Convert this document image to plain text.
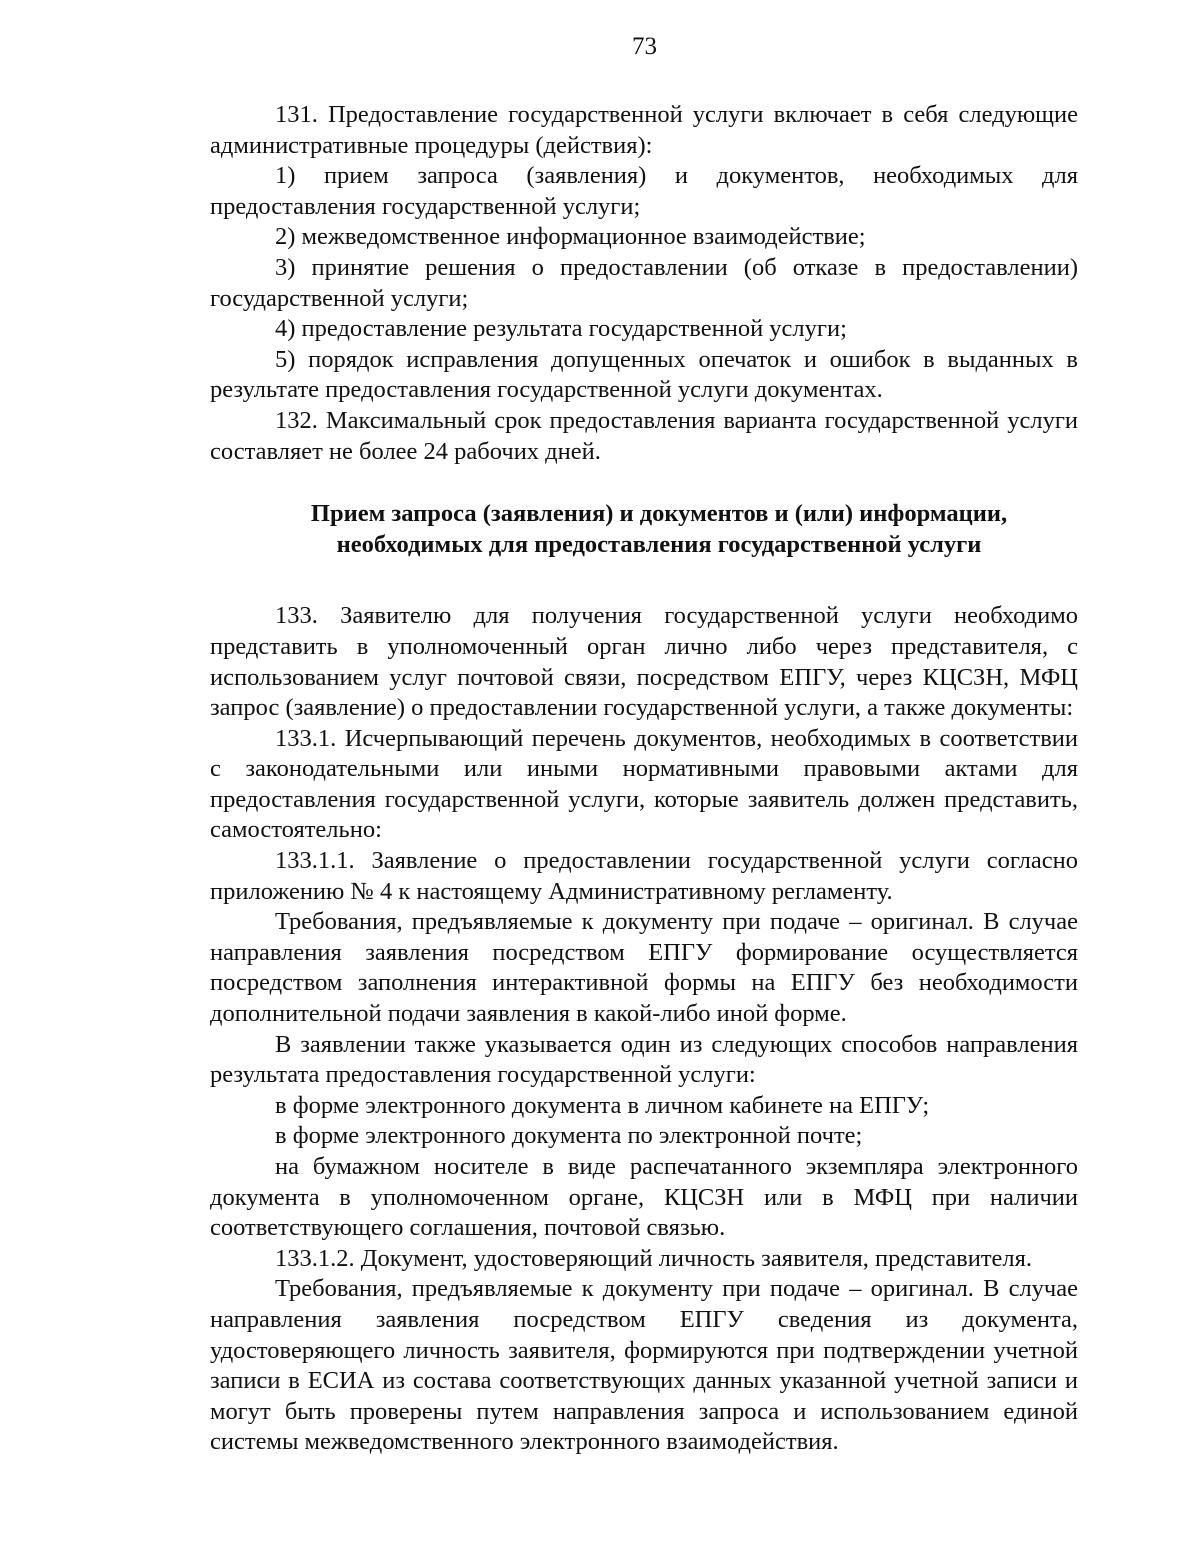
73

131. Предоставление государственной услуги включает в себя следующие административные процедуры (действия):

1) прием запроса (заявления) и документов, необходимых для предоставления государственной услуги;

2) межведомственное информационное взаимодействие;

3) принятие решения о предоставлении (об отказе в предоставлении) государственной услуги;

4) предоставление результата государственной услуги;

5) порядок исправления допущенных опечаток и ошибок в выданных в результате предоставления государственной услуги документах.

132. Максимальный срок предоставления варианта государственной услуги составляет не более 24 рабочих дней.

Прием запроса (заявления) и документов и (или) информации,
необходимых для предоставления государственной услуги

133. Заявителю для получения государственной услуги необходимо представить в уполномоченный орган лично либо через представителя, с использованием услуг почтовой связи, посредством ЕПГУ, через КЦСЗН, МФЦ запрос (заявление) о предоставлении государственной услуги, а также документы:

133.1. Исчерпывающий перечень документов, необходимых в соответствии с законодательными или иными нормативными правовыми актами для предоставления государственной услуги, которые заявитель должен представить, самостоятельно:

133.1.1. Заявление о предоставлении государственной услуги согласно приложению № 4 к настоящему Административному регламенту.

Требования, предъявляемые к документу при подаче – оригинал. В случае направления заявления посредством ЕПГУ формирование осуществляется посредством заполнения интерактивной формы на ЕПГУ без необходимости дополнительной подачи заявления в какой-либо иной форме.

В заявлении также указывается один из следующих способов направления результата предоставления государственной услуги:

в форме электронного документа в личном кабинете на ЕПГУ;

в форме электронного документа по электронной почте;

на бумажном носителе в виде распечатанного экземпляра электронного документа в уполномоченном органе, КЦСЗН или в МФЦ при наличии соответствующего соглашения, почтовой связью.

133.1.2. Документ, удостоверяющий личность заявителя, представителя.

Требования, предъявляемые к документу при подаче – оригинал. В случае направления заявления посредством ЕПГУ сведения из документа, удостоверяющего личность заявителя, формируются при подтверждении учетной записи в ЕСИА из состава соответствующих данных указанной учетной записи и могут быть проверены путем направления запроса и использованием единой системы межведомственного электронного взаимодействия.
